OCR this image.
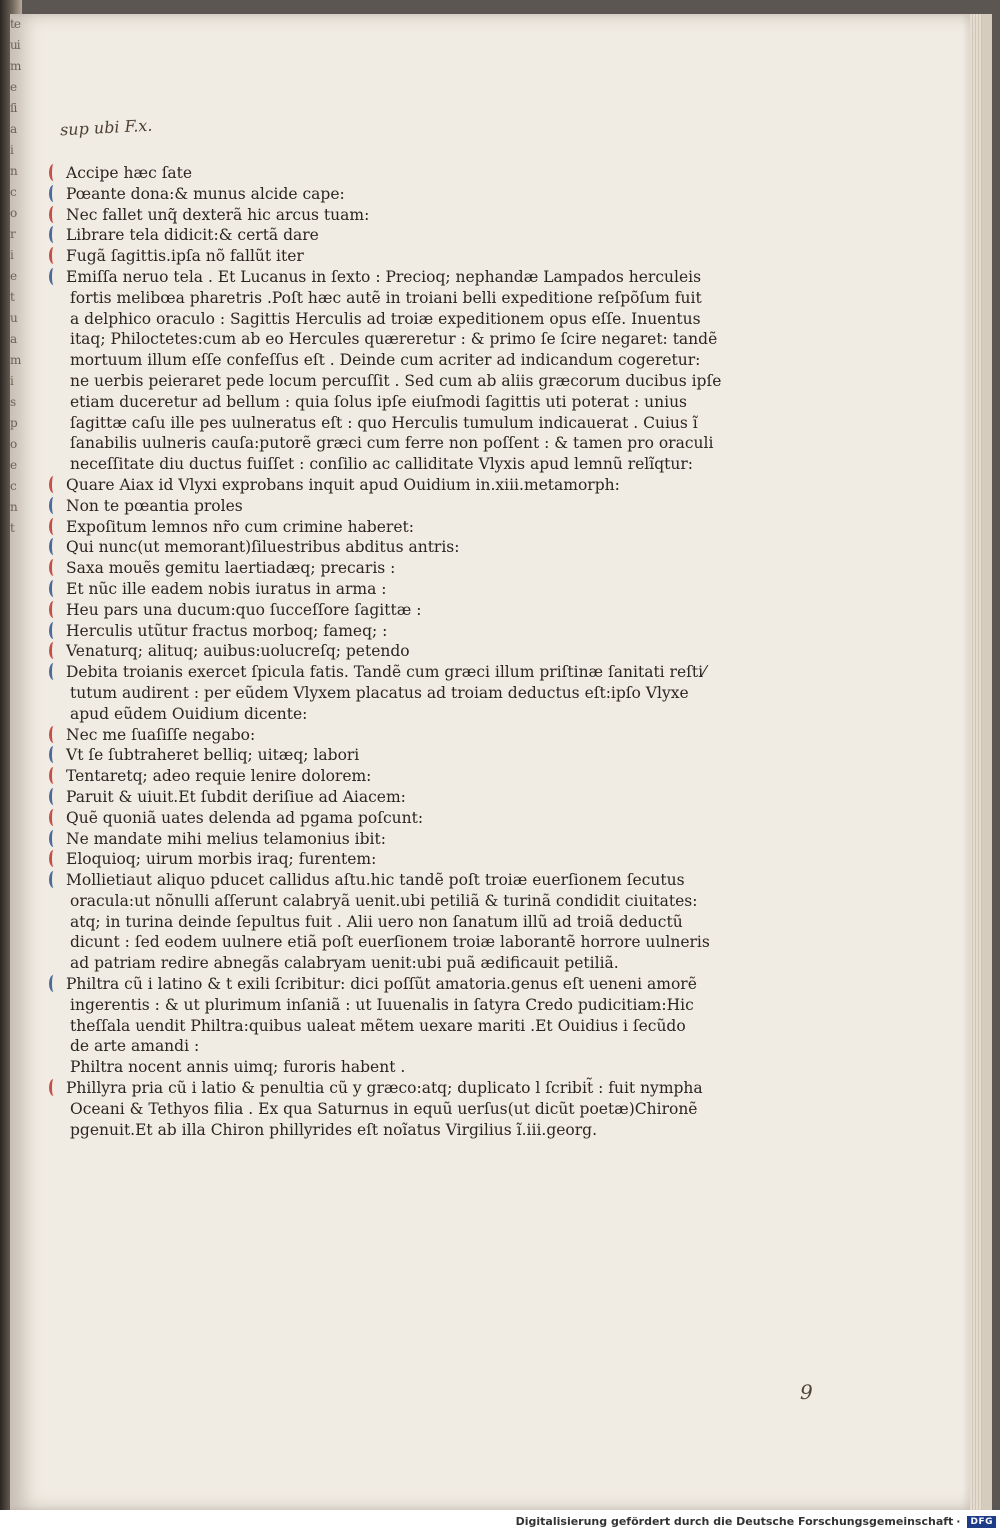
te
ui
m
e
ſi
a
i
n
c
o
r
i
e
t
u
a
m
i
s
p
o
e
c
n
t
sup ubi F.x.
Accipe hæc ſate
Pœante dona:& munus alcide cape:
Nec fallet unq̃ dexterã hic arcus tuam:
Librare tela didicit:& certã dare
Fugã ſagittis.ipſa nõ fallũt iter
Emiſſa neruo tela . Et Lucanus in ſexto : Precioq; nephandæ Lampados herculeis
fortis melibœa pharetris .Poſt hæc autẽ in troiani belli expeditione reſpõſum fuit
a delphico oraculo : Sagittis Herculis ad troiæ expeditionem opus eſſe. Inuentus
itaq; Philoctetes:cum ab eo Hercules quæreretur : & primo ſe ſcire negaret: tandẽ
mortuum illum eſſe confeſſus eſt . Deinde cum acriter ad indicandum cogeretur:
ne uerbis peieraret pede locum percuſſit . Sed cum ab aliis græcorum ducibus ipſe
etiam duceretur ad bellum : quia ſolus ipſe eiuſmodi ſagittis uti poterat : unius
ſagittæ caſu ille pes uulneratus eſt : quo Herculis tumulum indicauerat . Cuius ĩ
ſanabilis uulneris cauſa:putorẽ græci cum ferre non poſſent : & tamen pro oraculi
neceſſitate diu ductus fuiſſet : conſilio ac calliditate Vlyxis apud lemnũ relĩqtur:
Quare Aiax id Vlyxi exprobans inquit apud Ouidium in.xiii.metamorph:
Non te pœantia proles
Expoſitum lemnos nr̃o cum crimine haberet:
Qui nunc(ut memorant)ſiluestribus abditus antris:
Saxa mouẽs gemitu laertiadæq; precaris :
Et nũc ille eadem nobis iuratus in arma :
Heu pars una ducum:quo ſucceſſore ſagittæ :
Herculis utũtur fractus morboq; fameq; :
Venaturq; alituq; auibus:uolucreſq; petendo
Debita troianis exercet ſpicula fatis. Tandẽ cum græci illum priſtinæ ſanitati reſti⁄
tutum audirent : per eũdem Vlyxem placatus ad troiam deductus eſt:ipſo Vlyxe
apud eũdem Ouidium dicente:
Nec me ſuaſiſſe negabo:
Vt ſe ſubtraheret belliq; uitæq; labori
Tentaretq; adeo requie lenire dolorem:
Paruit & uiuit.Et ſubdit deriſiue ad Aiacem:
Quẽ quoniã uates delenda ad pgama poſcunt:
Ne mandate mihi melius telamonius ibit:
Eloquioq; uirum morbis iraq; furentem:
Mollietiaut aliquo pducet callidus aſtu.hic tandẽ poſt troiæ euerſionem ſecutus
oracula:ut nõnulli aſſerunt calabryã uenit.ubi petiliã & turinã condidit ciuitates:
atq; in turina deinde ſepultus fuit . Alii uero non ſanatum illũ ad troiã deductũ
dicunt : ſed eodem uulnere etiã poſt euerſionem troiæ laborantẽ horrore uulneris
ad patriam redire abnegãs calabryam uenit:ubi puã ædificauit petiliã.
Philtra cũ i latino & t exili ſcribitur: dici poſſũt amatoria.genus eſt ueneni amorẽ
ingerentis : & ut plurimum inſaniã : ut Iuuenalis in ſatyra Credo pudicitiam:Hic
theſſala uendit Philtra:quibus ualeat mẽtem uexare mariti .Et Ouidius i ſecũdo
de arte amandi :
Philtra nocent annis uimq; furoris habent .
Phillyra pria cũ i latio & penultia cũ y græco:atq; duplicato l ſcribit̃ : fuit nympha
Oceani & Tethyos filia . Ex qua Saturnus in equũ uerſus(ut dicũt poetæ)Chironẽ
pgenuit.Et ab illa Chiron phillyrides eſt noĩatus Virgilius ĩ.iii.georg.
9
Digitalisierung gefördert durch die Deutsche Forschungsgemeinschaft ·	DFG
